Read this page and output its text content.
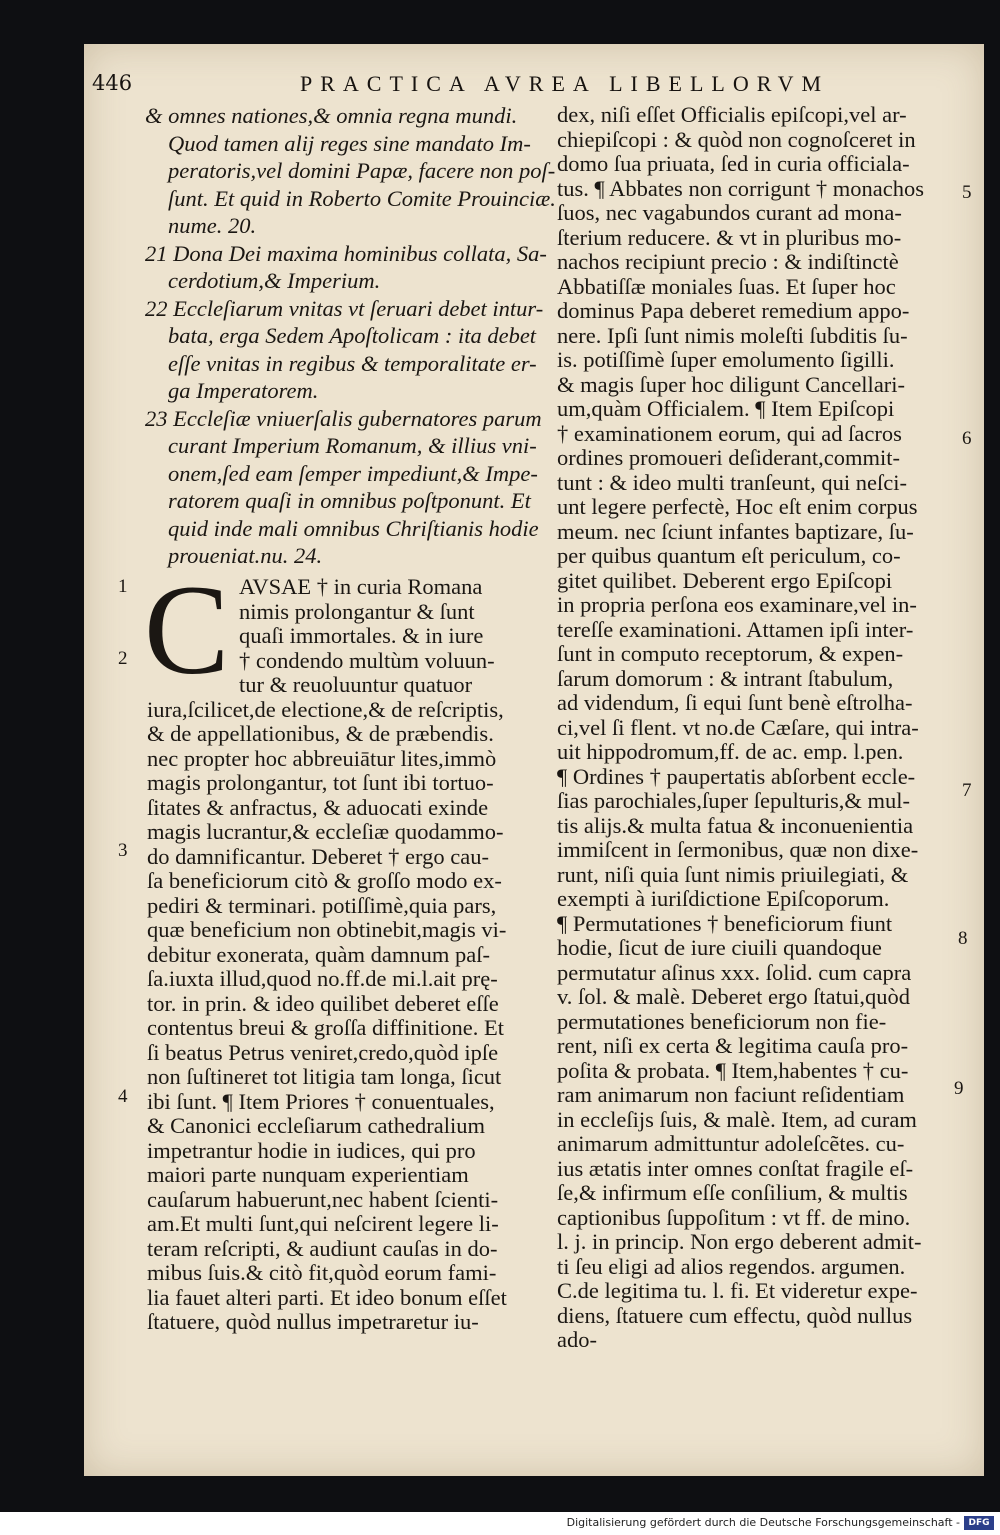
446	PRACTICA AVREA LIBELLORVM
& omnes nationes,& omnia regna mundi.
Quod tamen alij reges sine mandato Im-
peratoris,vel domini Papæ, facere non poſ-
ſunt. Et quid in Roberto Comite Prouinciæ.
nume. 20.
21 Dona Dei maxima hominibus collata, Sa-
cerdotium,& Imperium.
22 Eccleſiarum vnitas vt ſeruari debet intur-
bata, erga Sedem Apoſtolicam : ita debet
eſſe vnitas in regibus & temporalitate er-
ga Imperatorem.
23 Eccleſiæ vniuerſalis gubernatores parum
curant Imperium Romanum, & illius vni-
onem,ſed eam ſemper impediunt,& Impe-
ratorem quaſi in omnibus poſtponunt. Et
quid inde mali omnibus Chriſtianis hodie
proueniat.nu. 24.
C AVSAE † in curia Romana
nimis prolongantur & ſunt
quaſi immortales. & in iure
† condendo multùm voluun-
tur & reuoluuntur quatuor
iura,ſcilicet,de electione,& de reſcriptis,
& de appellationibus, & de præbendis.
nec propter hoc abbreuiātur lites,immò
magis prolongantur, tot ſunt ibi tortuo-
ſitates & anfractus, & aduocati exinde
magis lucrantur,& eccleſiæ quodammo-
do damnificantur. Deberet † ergo cau-
ſa beneficiorum citò & groſſo modo ex-
pediri & terminari. potiſſimè,quia pars,
quæ beneficium non obtinebit,magis vi-
debitur exonerata, quàm damnum paſ-
ſa.iuxta illud,quod no.ff.de mi.l.ait prę-
tor. in prin. & ideo quilibet deberet eſſe
contentus breui & groſſa diffinitione. Et
ſi beatus Petrus veniret,credo,quòd ipſe
non ſuſtineret tot litigia tam longa, ſicut
ibi ſunt. ¶ Item Priores † conuentuales,
& Canonici eccleſiarum cathedralium
impetrantur hodie in iudices, qui pro
maiori parte nunquam experientiam
cauſarum habuerunt,nec habent ſcienti-
am.Et multi ſunt,qui neſcirent legere li-
teram reſcripti, & audiunt cauſas in do-
mibus ſuis.& citò fit,quòd eorum fami-
lia fauet alteri parti. Et ideo bonum eſſet
ſtatuere, quòd nullus impetraretur iu-
dex, niſi eſſet Officialis epiſcopi,vel ar-
chiepiſcopi : & quòd non cognoſceret in
domo ſua priuata, ſed in curia officiala-
tus. ¶ Abbates non corrigunt † monachos
ſuos, nec vagabundos curant ad mona-
ſterium reducere. & vt in pluribus mo-
nachos recipiunt precio : & indiſtinctè
Abbatiſſæ moniales ſuas. Et ſuper hoc
dominus Papa deberet remedium appo-
nere. Ipſi ſunt nimis moleſti ſubditis ſu-
is. potiſſimè ſuper emolumento ſigilli.
& magis ſuper hoc diligunt Cancellari-
um,quàm Officialem. ¶ Item Epiſcopi
† examinationem eorum, qui ad ſacros
ordines promoueri deſiderant,commit-
tunt : & ideo multi tranſeunt, qui neſci-
unt legere perfectè, Hoc eſt enim corpus
meum. nec ſciunt infantes baptizare, ſu-
per quibus quantum eſt periculum, co-
gitet quilibet. Deberent ergo Epiſcopi
in propria perſona eos examinare,vel in-
tereſſe examinationi. Attamen ipſi inter-
ſunt in computo receptorum, & expen-
ſarum domorum : & intrant ſtabulum,
ad videndum, ſi equi ſunt benè eſtrolha-
ci,vel ſi flent. vt no.de Cæſare, qui intra-
uit hippodromum,ff. de ac. emp. l.pen.
¶ Ordines † paupertatis abſorbent eccle-
ſias parochiales,ſuper ſepulturis,& mul-
tis alijs.& multa fatua & inconuenientia
immiſcent in ſermonibus, quæ non dixe-
runt, niſi quia ſunt nimis priuilegiati, &
exempti à iuriſdictione Epiſcoporum.
¶ Permutationes † beneficiorum fiunt
hodie, ſicut de iure ciuili quandoque
permutatur aſinus xxx. ſolid. cum capra
v. ſol. & malè. Deberet ergo ſtatui,quòd
permutationes beneficiorum non fie-
rent, niſi ex certa & legitima cauſa pro-
poſita & probata. ¶ Item,habentes † cu-
ram animarum non faciunt reſidentiam
in eccleſijs ſuis, & malè. Item, ad curam
animarum admittuntur adoleſcẽtes. cu-
ius ætatis inter omnes conſtat fragile eſ-
ſe,& infirmum eſſe conſilium, & multis
captionibus ſuppoſitum : vt ff. de mino.
l. j. in princip. Non ergo deberent admit-
ti ſeu eligi ad alios regendos. argumen.
C.de legitima tu. l. fi. Et videretur expe-
diens, ſtatuere cum effectu, quòd nullus
ado-
1
2
3
4
5
6
7
8
9
Digitalisierung gefördert durch die Deutsche Forschungsgemeinschaft - DFG
